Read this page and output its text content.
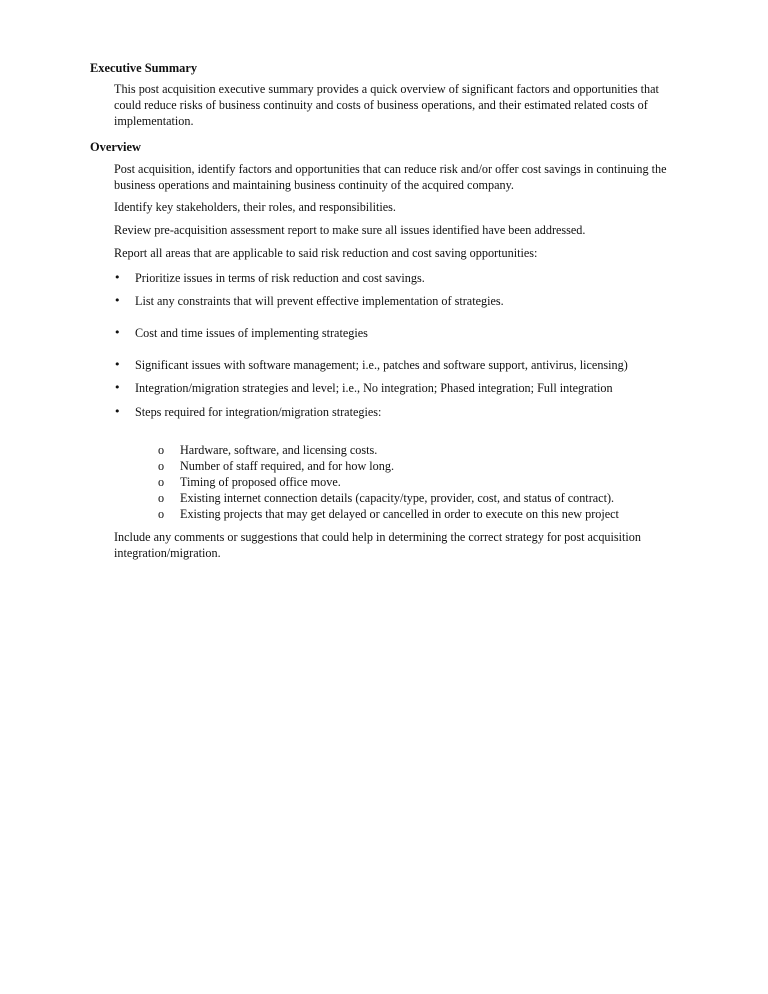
Executive Summary

This post acquisition executive summary provides a quick overview of significant factors and opportunities that could reduce risks of business continuity and costs of business operations, and their estimated related costs of implementation.

Overview

Post acquisition, identify factors and opportunities that can reduce risk and/or offer cost savings in continuing the business operations and maintaining business continuity of the acquired company.

Identify key stakeholders, their roles, and responsibilities.

Review pre-acquisition assessment report to make sure all issues identified have been addressed.

Report all areas that are applicable to said risk reduction and cost saving opportunities:

• Prioritize issues in terms of risk reduction and cost savings.
• List any constraints that will prevent effective implementation of strategies.
• Cost and time issues of implementing strategies
• Significant issues with software management; i.e., patches and software support, antivirus, licensing)
• Integration/migration strategies and level; i.e., No integration; Phased integration; Full integration
• Steps required for integration/migration strategies:
o	Hardware, software, and licensing costs.
o	Number of staff required, and for how long.
o	Timing of proposed office move.
o	Existing internet connection details (capacity/type, provider, cost, and status of contract).
o	Existing projects that may get delayed or cancelled in order to execute on this new project

Include any comments or suggestions that could help in determining the correct strategy for post acquisition integration/migration.
